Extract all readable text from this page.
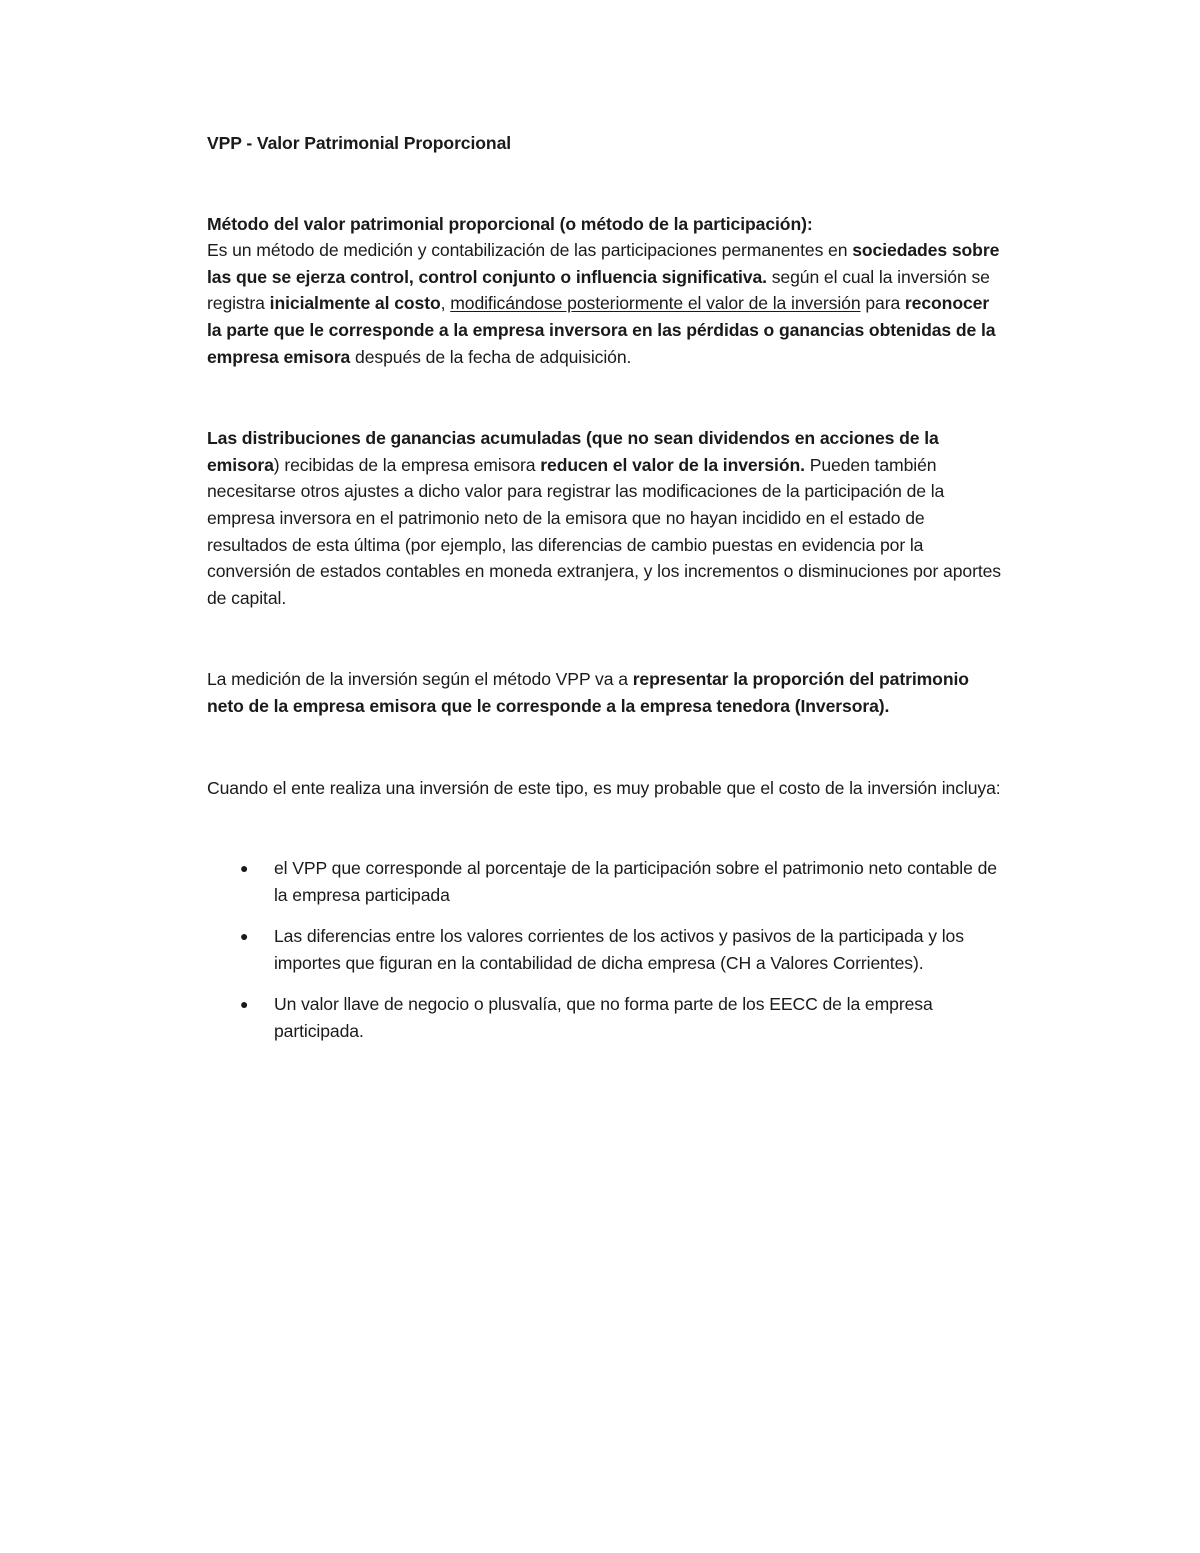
VPP - Valor Patrimonial Proporcional

Método del valor patrimonial proporcional (o método de la participación):

Es un método de medición y contabilización de las participaciones permanentes en sociedades sobre las que se ejerza control, control conjunto o influencia significativa. según el cual la inversión se registra inicialmente al costo, modificándose posteriormente el valor de la inversión para reconocer la parte que le corresponde a la empresa inversora en las pérdidas o ganancias obtenidas de la empresa emisora después de la fecha de adquisición.

Las distribuciones de ganancias acumuladas (que no sean dividendos en acciones de la emisora) recibidas de la empresa emisora reducen el valor de la inversión. Pueden también necesitarse otros ajustes a dicho valor para registrar las modificaciones de la participación de la empresa inversora en el patrimonio neto de la emisora que no hayan incidido en el estado de resultados de esta última (por ejemplo, las diferencias de cambio puestas en evidencia por la conversión de estados contables en moneda extranjera, y los incrementos o disminuciones por aportes de capital.

La medición de la inversión según el método VPP va a representar la proporción del patrimonio neto de la empresa emisora que le corresponde a la empresa tenedora (Inversora).

Cuando el ente realiza una inversión de este tipo, es muy probable que el costo de la inversión incluya:

● el VPP que corresponde al porcentaje de la participación sobre el patrimonio neto contable de la empresa participada
● Las diferencias entre los valores corrientes de los activos y pasivos de la participada y los importes que figuran en la contabilidad de dicha empresa (CH a Valores Corrientes).
● Un valor llave de negocio o plusvalía, que no forma parte de los EECC de la empresa participada.
